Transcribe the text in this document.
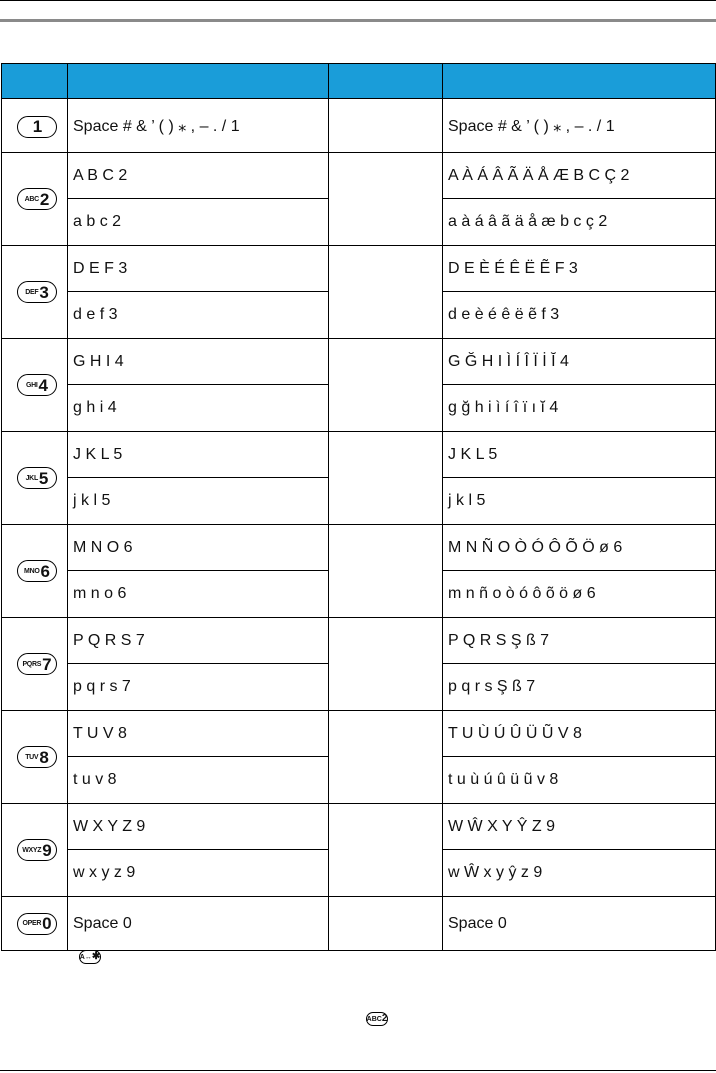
1	Space # & ’ ( ) ⁎ , – . / 1		Space # & ’ ( ) ⁎ , – . / 1

ABC 2	A B C 2		A À Á Â Ã Ä Å Æ B C Ç 2
	a b c 2		a à á â ã ä å æ b c ç 2

DEF 3	D E F 3		D E È É Ê Ë Ẽ F 3
	d e f 3		d e è é ê ë ẽ f 3

GHI 4	G H I 4		G Ğ H I Ì Í Î Ï İ Ĭ 4
	g h i 4		g ğ h i ì í î ï ı ĭ 4

JKL 5	J K L 5		J K L 5
	j k l 5		j k l 5

MNO 6	M N O 6		M N Ñ O Ò Ó Ô Õ Ö ø 6
	m n o 6		m n ñ o ò ó ô õ ö ø 6

PQRS 7	P Q R S 7		P Q R S Ş ß 7
	p q r s 7		p q r s Ş ß 7

TUV 8	T U V 8		T U Ù Ú Û Ü Ũ V 8
	t u v 8		t u ù ú û ü ũ v 8

WXYZ 9	W X Y Z 9		W Ŵ X Y Ŷ Z 9
	w x y z 9		w Ŵ x y ŷ z 9

OPER 0	Space 0		Space 0
A↔ ✱
ABC 2
